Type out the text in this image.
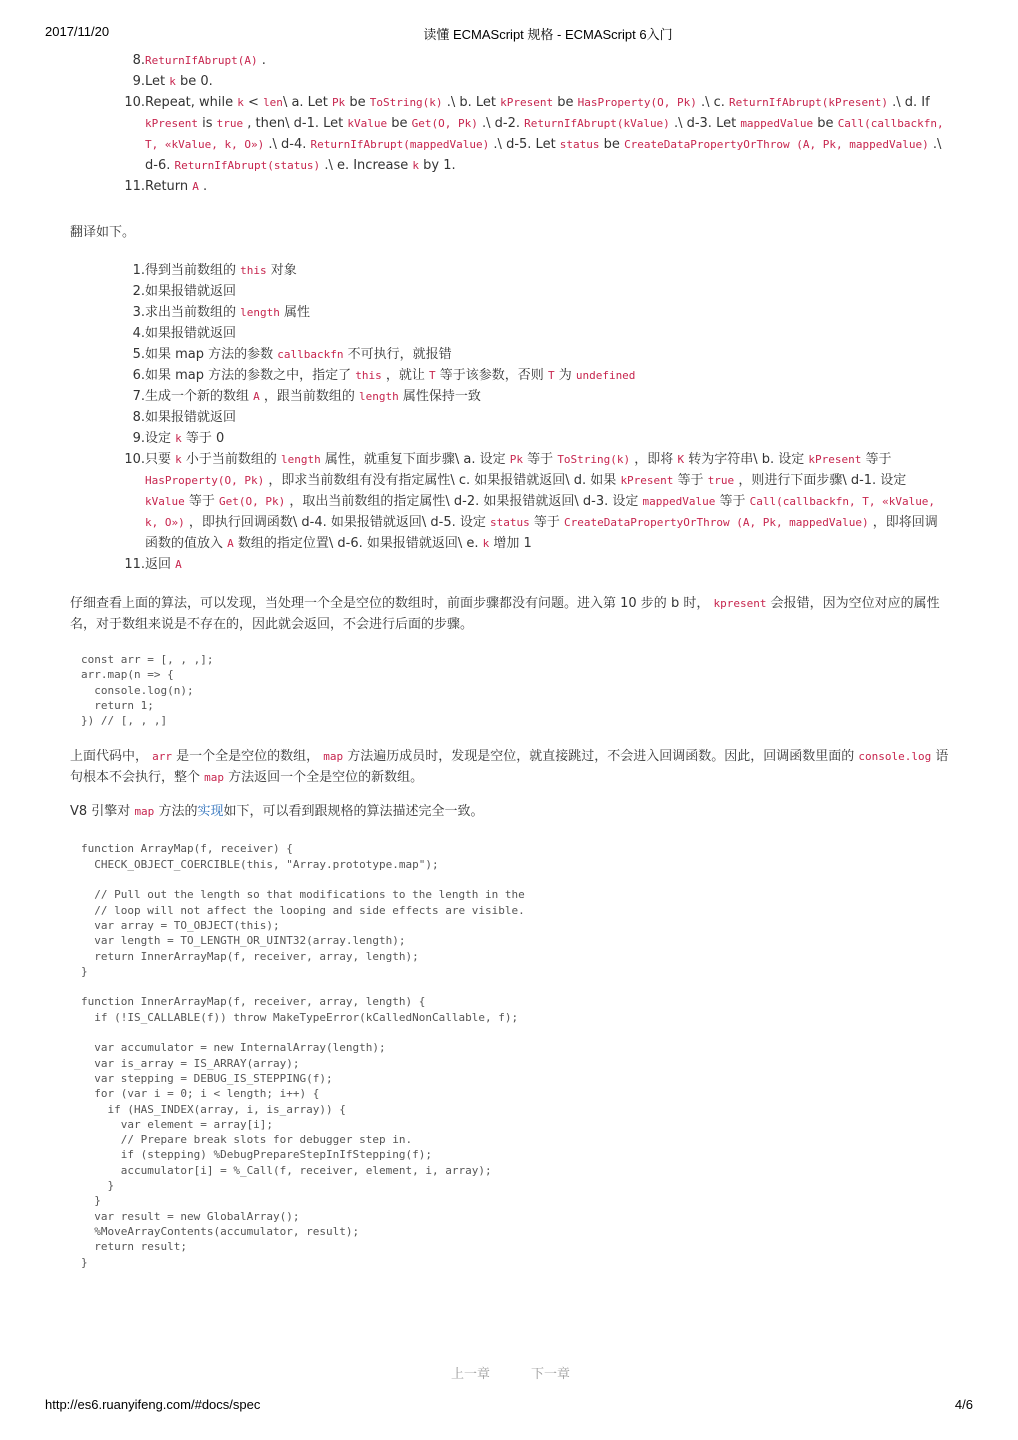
2017/11/20	读懂 ECMAScript 规格 - ECMAScript 6入门
8. ReturnIfAbrupt(A) .
9. Let k be 0.
10. Repeat, while k < len\ a. Let Pk be ToString(k) .\ b. Let kPresent be HasProperty(O, Pk) .\ c. ReturnIfAbrupt(kPresent) .\ d. If kPresent is true , then\ d-1. Let kValue be Get(O, Pk) .\ d-2. ReturnIfAbrupt(kValue) .\ d-3. Let mappedValue be Call(callbackfn, T, «kValue, k, O») .\ d-4. ReturnIfAbrupt(mappedValue) .\ d-5. Let status be CreateDataPropertyOrThrow (A, Pk, mappedValue) .\ d-6. ReturnIfAbrupt(status) .\ e. Increase k by 1.
11. Return A .

翻译如下。

1. 得到当前数组的 this 对象
2. 如果报错就返回
3. 求出当前数组的 length 属性
4. 如果报错就返回
5. 如果 map 方法的参数 callbackfn 不可执行，就报错
6. 如果 map 方法的参数之中，指定了 this ，就让 T 等于该参数，否则 T 为 undefined
7. 生成一个新的数组 A ，跟当前数组的 length 属性保持一致
8. 如果报错就返回
9. 设定 k 等于 0
10. 只要 k 小于当前数组的 length 属性，就重复下面步骤\ a. 设定 Pk 等于 ToString(k) ，即将 K 转为字符串\ b. 设定 kPresent 等于 HasProperty(O, Pk) ，即求当前数组有没有指定属性\ c. 如果报错就返回\ d. 如果 kPresent 等于 true ，则进行下面步骤\ d-1. 设定 kValue 等于 Get(O, Pk) ，取出当前数组的指定属性\ d-2. 如果报错就返回\ d-3. 设定 mappedValue 等于 Call(callbackfn, T, «kValue, k, O») ，即执行回调函数\ d-4. 如果报错就返回\ d-5. 设定 status 等于 CreateDataPropertyOrThrow (A, Pk, mappedValue) ，即将回调函数的值放入 A 数组的指定位置\ d-6. 如果报错就返回\ e. k 增加 1
11. 返回 A

仔细查看上面的算法，可以发现，当处理一个全是空位的数组时，前面步骤都没有问题。进入第 10 步的 b 时， kpresent 会报错，因为空位对应的属性名，对于数组来说是不存在的，因此就会返回，不会进行后面的步骤。

const arr = [, , ,];
arr.map(n => {
console.log(n);
return 1;
}) // [, , ,]

上面代码中， arr 是一个全是空位的数组， map 方法遍历成员时，发现是空位，就直接跳过，不会进入回调函数。因此，回调函数里面的 console.log 语句根本不会执行，整个 map 方法返回一个全是空位的新数组。

V8 引擎对 map 方法的实现如下，可以看到跟规格的算法描述完全一致。

function ArrayMap(f, receiver) {
CHECK_OBJECT_COERCIBLE(this, "Array.prototype.map");

// Pull out the length so that modifications to the length in the
// loop will not affect the looping and side effects are visible.
var array = TO_OBJECT(this);
var length = TO_LENGTH_OR_UINT32(array.length);
return InnerArrayMap(f, receiver, array, length);
}

function InnerArrayMap(f, receiver, array, length) {
if (!IS_CALLABLE(f)) throw MakeTypeError(kCalledNonCallable, f);

var accumulator = new InternalArray(length);
var is_array = IS_ARRAY(array);
var stepping = DEBUG_IS_STEPPING(f);
for (var i = 0; i < length; i++) {
if (HAS_INDEX(array, i, is_array)) {
var element = array[i];
// Prepare break slots for debugger step in.
if (stepping) %DebugPrepareStepInIfStepping(f);
accumulator[i] = %_Call(f, receiver, element, i, array);
}
}
var result = new GlobalArray();
%MoveArrayContents(accumulator, result);
return result;
}
上一章	下一章
http://es6.ruanyifeng.com/#docs/spec	4/6
